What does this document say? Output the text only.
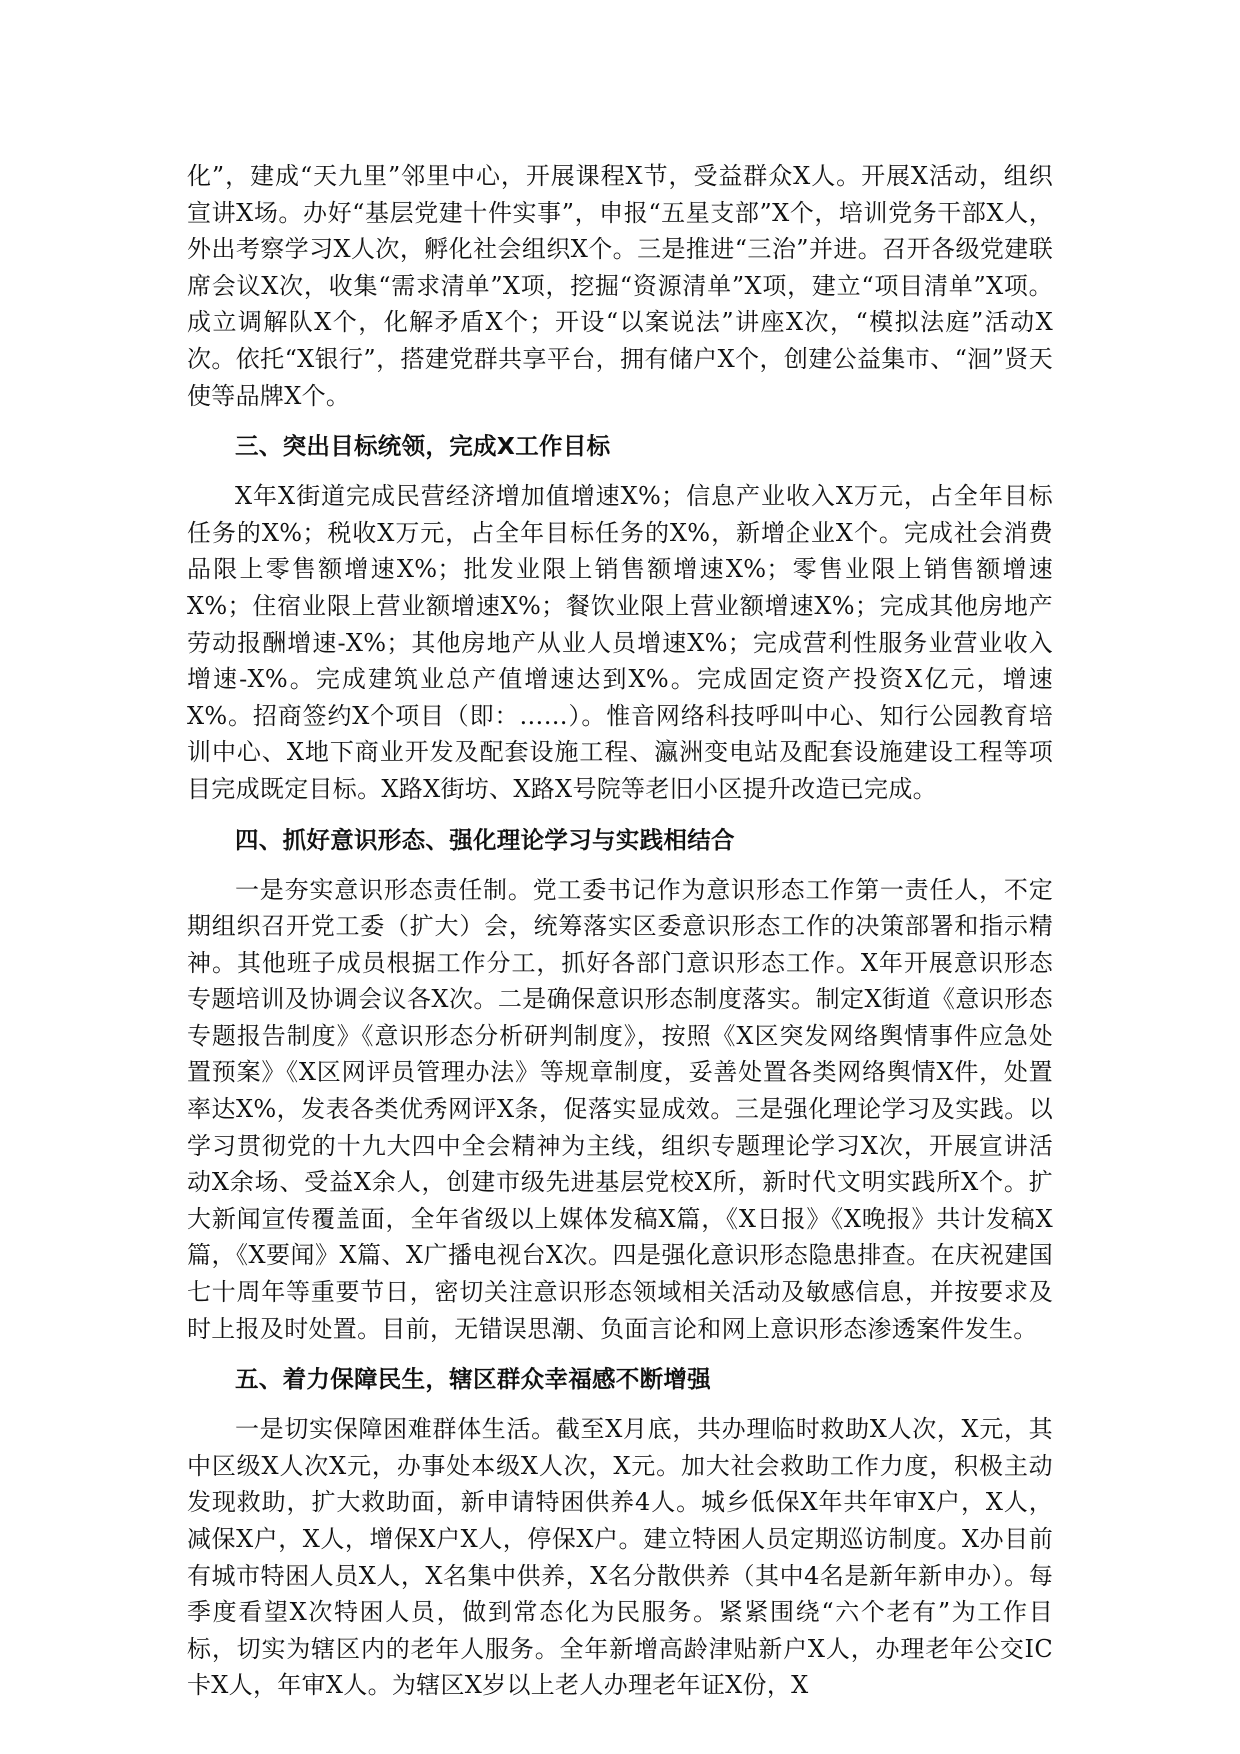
化”，建成“天九里”邻里中心，开展课程X节，受益群众X人。开展X活动，组织宣讲X场。办好“基层党建十件实事”，申报“五星支部”X个，培训党务干部X人，外出考察学习X人次，孵化社会组织X个。三是推进“三治”并进。召开各级党建联席会议X次，收集“需求清单”X项，挖掘“资源清单”X项，建立“项目清单”X项。成立调解队X个，化解矛盾X个；开设“以案说法”讲座X次，“模拟法庭”活动X次。依托“X银行”，搭建党群共享平台，拥有储户X个，创建公益集市、“洄”贤天使等品牌X个。

三、突出目标统领，完成X工作目标

X年X街道完成民营经济增加值增速X%；信息产业收入X万元，占全年目标任务的X%；税收X万元，占全年目标任务的X%，新增企业X个。完成社会消费品限上零售额增速X%；批发业限上销售额增速X%；零售业限上销售额增速X%；住宿业限上营业额增速X%；餐饮业限上营业额增速X%；完成其他房地产劳动报酬增速-X%；其他房地产从业人员增速X%；完成营利性服务业营业收入增速-X%。完成建筑业总产值增速达到X%。完成固定资产投资X亿元，增速X%。招商签约X个项目（即：……）。惟音网络科技呼叫中心、知行公园教育培训中心、X地下商业开发及配套设施工程、瀛洲变电站及配套设施建设工程等项目完成既定目标。X路X街坊、X路X号院等老旧小区提升改造已完成。

四、抓好意识形态、强化理论学习与实践相结合

一是夯实意识形态责任制。党工委书记作为意识形态工作第一责任人，不定期组织召开党工委（扩大）会，统筹落实区委意识形态工作的决策部署和指示精神。其他班子成员根据工作分工，抓好各部门意识形态工作。X年开展意识形态专题培训及协调会议各X次。二是确保意识形态制度落实。制定X街道《意识形态专题报告制度》《意识形态分析研判制度》，按照《X区突发网络舆情事件应急处置预案》《X区网评员管理办法》等规章制度，妥善处置各类网络舆情X件，处置率达X%，发表各类优秀网评X条，促落实显成效。三是强化理论学习及实践。以学习贯彻党的十九大四中全会精神为主线，组织专题理论学习X次，开展宣讲活动X余场、受益X余人，创建市级先进基层党校X所，新时代文明实践所X个。扩大新闻宣传覆盖面，全年省级以上媒体发稿X篇，《X日报》《X晚报》共计发稿X篇，《X要闻》X篇、X广播电视台X次。四是强化意识形态隐患排查。在庆祝建国七十周年等重要节日，密切关注意识形态领域相关活动及敏感信息，并按要求及时上报及时处置。目前，无错误思潮、负面言论和网上意识形态渗透案件发生。

五、着力保障民生，辖区群众幸福感不断增强

一是切实保障困难群体生活。截至X月底，共办理临时救助X人次，X元，其中区级X人次X元，办事处本级X人次，X元。加大社会救助工作力度，积极主动发现救助，扩大救助面，新申请特困供养4人。城乡低保X年共年审X户，X人，减保X户，X人，增保X户X人，停保X户。建立特困人员定期巡访制度。X办目前有城市特困人员X人，X名集中供养，X名分散供养（其中4名是新年新申办）。每季度看望X次特困人员，做到常态化为民服务。紧紧围绕“六个老有”为工作目标，切实为辖区内的老年人服务。全年新增高龄津贴新户X人，办理老年公交IC卡X人，年审X人。为辖区X岁以上老人办理老年证X份，X
